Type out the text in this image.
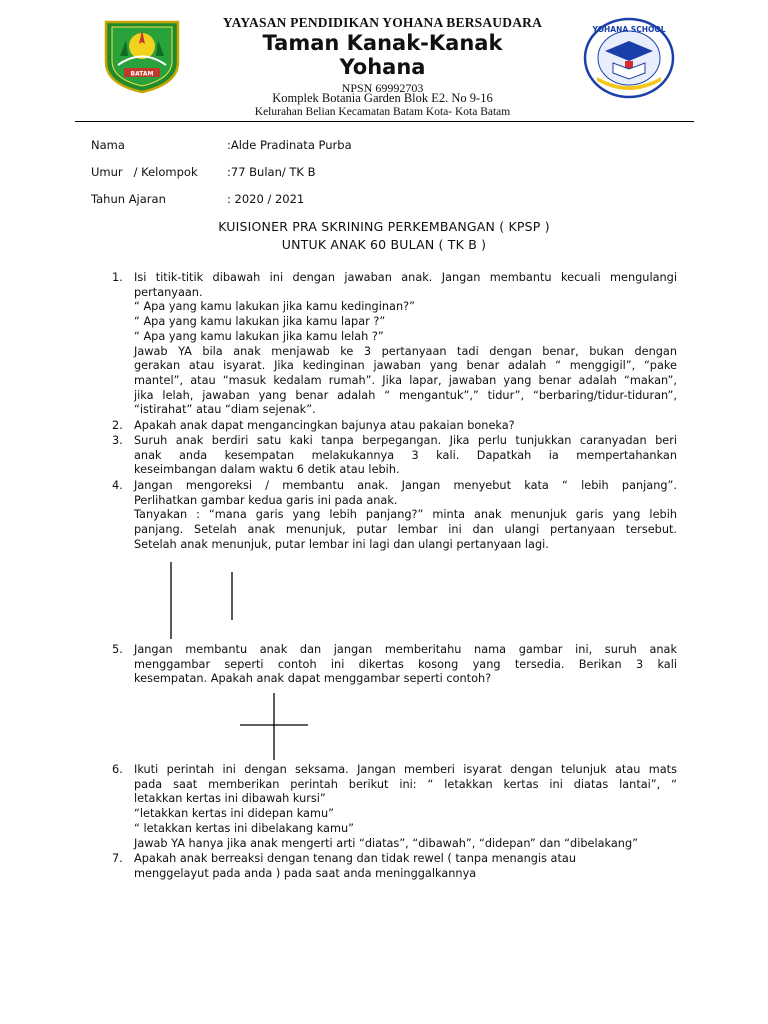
BATAM
YOHANA SCHOOL
YAYASAN PENDIDIKAN YOHANA BERSAUDARA
Taman Kanak-Kanak
Yohana
NPSN 69992703
Komplek Botania Garden Blok E2. No 9-16
Kelurahan Belian Kecamatan Batam Kota- Kota Batam
Nama	:Alde Pradinata Purba
Umur   / Kelompok	:77 Bulan/ TK B
Tahun Ajaran	: 2020 / 2021
KUISIONER PRA SKRINING PERKEMBANGAN ( KPSP )
UNTUK ANAK 60 BULAN ( TK B )
1. Isi titik-titik dibawah ini dengan jawaban anak. Jangan membantu kecuali mengulangi
pertanyaan.
“ Apa yang kamu lakukan jika kamu kedinginan?”
“ Apa yang kamu lakukan jika kamu lapar ?”
“ Apa yang kamu lakukan jika kamu lelah ?”
Jawab YA bila anak menjawab ke 3 pertanyaan tadi dengan benar, bukan dengan
gerakan atau isyarat. Jika kedinginan jawaban yang benar adalah “ menggigil”, “pake
mantel”, atau “masuk kedalam rumah”. Jika lapar, jawaban yang benar adalah “makan”,
jika lelah, jawaban yang benar adalah “ mengantuk”,” tidur”, “berbaring/tidur-tiduran”,
“istirahat” atau “diam sejenak”.
2. Apakah anak dapat mengancingkan bajunya atau pakaian boneka?
3. Suruh anak berdiri satu kaki tanpa berpegangan. Jika perlu tunjukkan caranyadan beri
anak anda kesempatan melakukannya 3 kali. Dapatkah ia mempertahankan
keseimbangan dalam waktu 6 detik atau lebih.
4. Jangan mengoreksi / membantu anak. Jangan menyebut kata “ lebih panjang”.
Perlihatkan gambar kedua garis ini pada anak.
Tanyakan : “mana garis yang lebih panjang?” minta anak menunjuk garis yang lebih
panjang. Setelah anak menunjuk, putar lembar ini dan ulangi pertanyaan tersebut.
Setelah anak menunjuk, putar lembar ini lagi dan ulangi pertanyaan lagi.
5. Jangan membantu anak dan jangan memberitahu nama gambar ini, suruh anak
menggambar seperti contoh ini dikertas kosong yang tersedia. Berikan 3 kali
kesempatan. Apakah anak dapat menggambar seperti contoh?
6. Ikuti perintah ini dengan seksama. Jangan memberi isyarat dengan telunjuk atau mats
pada saat memberikan perintah berikut ini: “ letakkan kertas ini diatas lantai”, “
letakkan kertas ini dibawah kursi”
“letakkan kertas ini didepan kamu”
“ letakkan kertas ini dibelakang kamu”
Jawab YA hanya jika anak mengerti arti “diatas”, “dibawah”, “didepan” dan “dibelakang”
7. Apakah anak berreaksi dengan tenang dan tidak rewel ( tanpa menangis atau
menggelayut pada anda ) pada saat anda meninggalkannya
